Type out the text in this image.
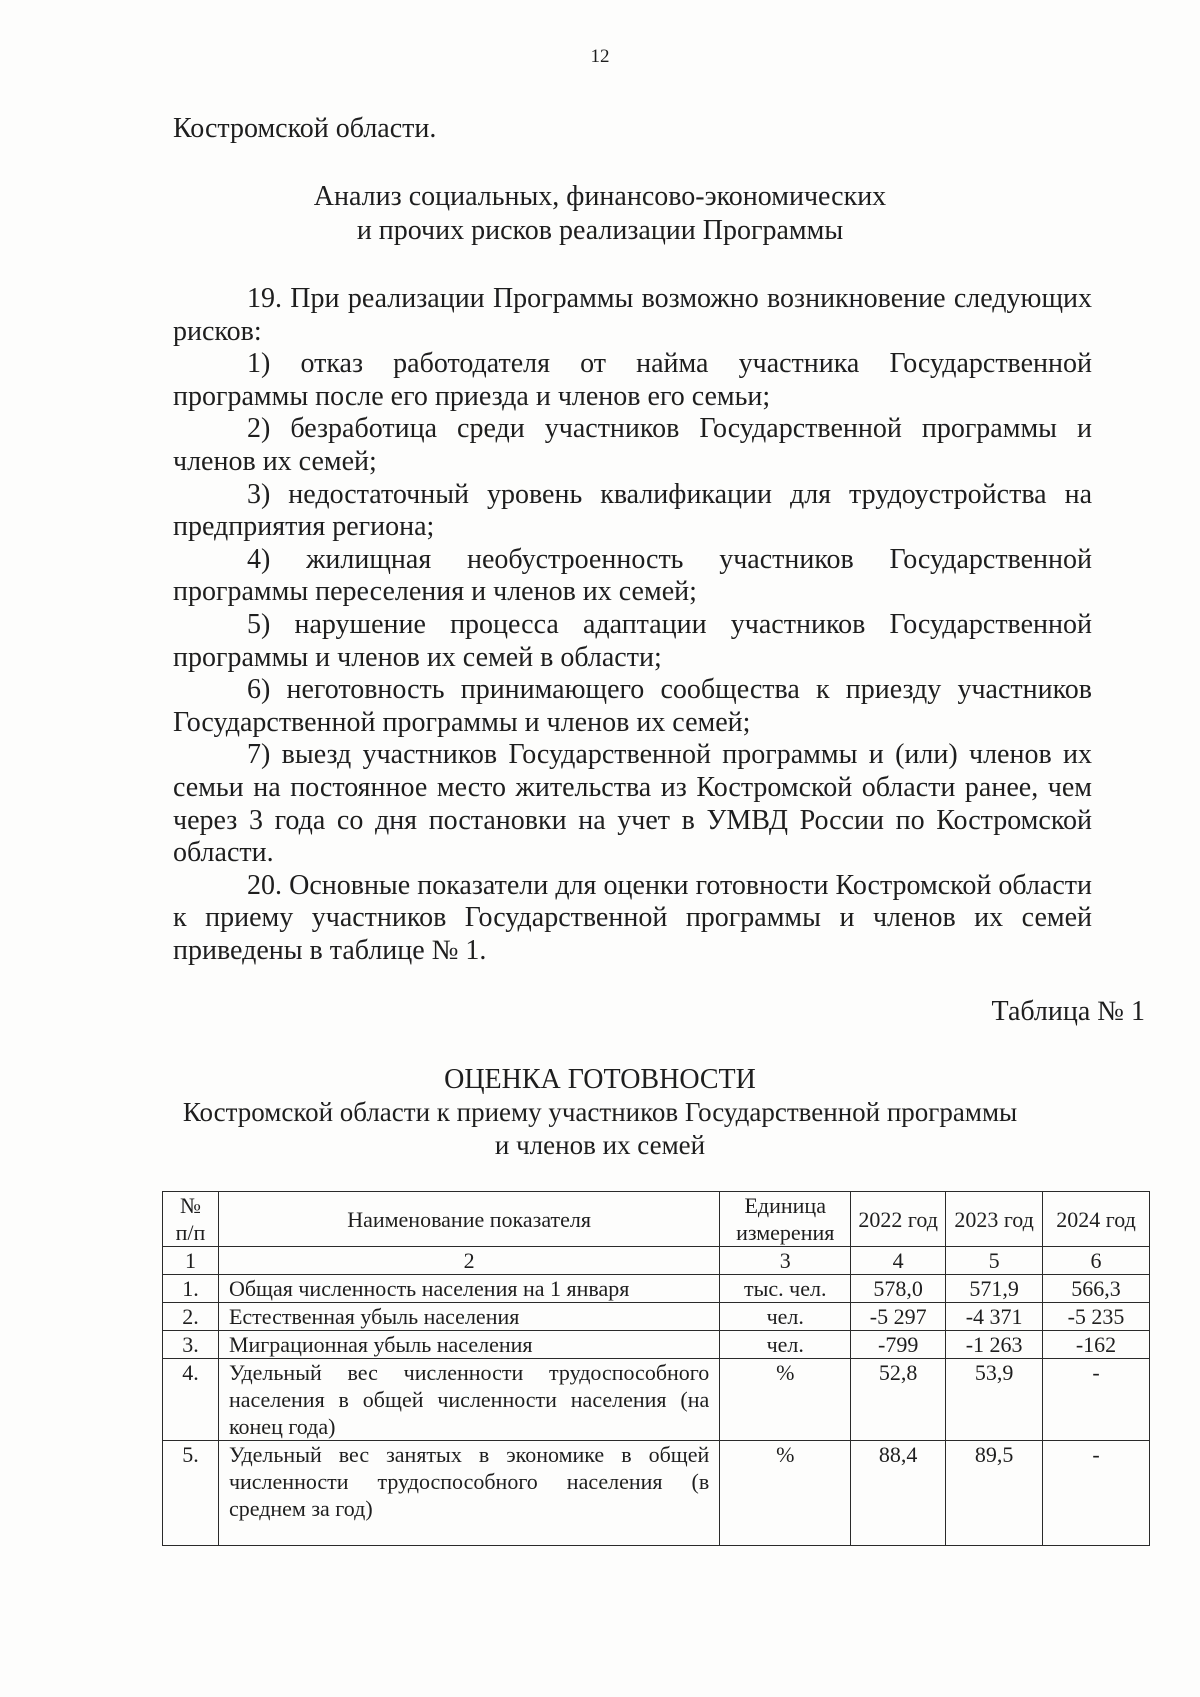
12
Костромской области.
Анализ социальных, финансово-экономических
и прочих рисков реализации Программы

19. При реализации Программы возможно возникновение следующих рисков:

1) отказ работодателя от найма участника Государственной программы после его приезда и членов его семьи;

2) безработица среди участников Государственной программы и членов их семей;

3) недостаточный уровень квалификации для трудоустройства на предприятия региона;

4) жилищная необустроенность участников Государственной программы переселения и членов их семей;

5) нарушение процесса адаптации участников Государственной программы и членов их семей в области;

6) неготовность принимающего сообщества к приезду участников Государственной программы и членов их семей;

7) выезд участников Государственной программы и (или) членов их семьи на постоянное место жительства из Костромской области ранее, чем через 3 года со дня постановки на учет в УМВД России по Костромской области.

20. Основные показатели для оценки готовности Костромской области к приему участников Государственной программы и членов их семей приведены в таблице № 1.

Таблица № 1
ОЦЕНКА ГОТОВНОСТИ
Костромской области к приему участников Государственной программы
и членов их семей
№ п/п	Наименование показателя	Единица измерения	2022 год	2023 год	2024 год
1	2	3	4	5	6
1.	Общая численность населения на 1 января	тыс. чел.	578,0	571,9	566,3
2.	Естественная убыль населения	чел.	-5 297	-4 371	-5 235
3.	Миграционная убыль населения	чел.	-799	-1 263	-162
4.	Удельный вес численности трудоспособного населения в общей численности населения (на конец года)	%	52,8	53,9	-
5.	Удельный вес занятых в экономике в общей численности трудоспособного населения (в среднем за год)	%	88,4	89,5	-
